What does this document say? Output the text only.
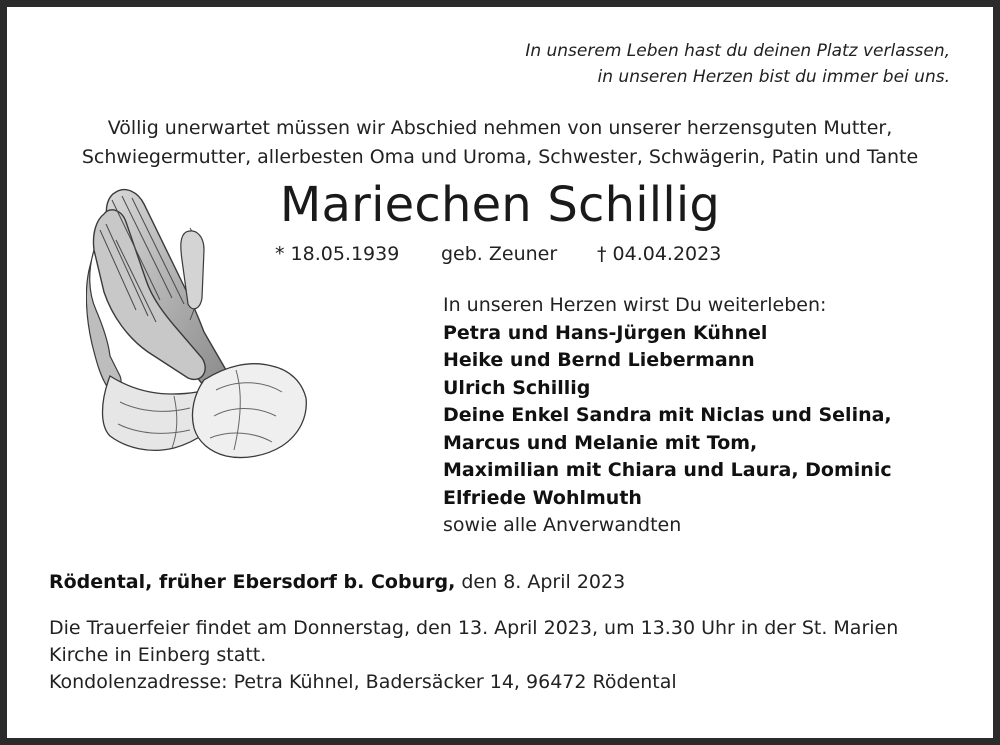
In unserem Leben hast du deinen Platz verlassen,
in unseren Herzen bist du immer bei uns.
Völlig unerwartet müssen wir Abschied nehmen von unserer herzensguten Mutter,
Schwiegermutter, allerbesten Oma und Uroma, Schwester, Schwägerin, Patin und Tante
Mariechen Schillig
* 18.05.1939 geb. Zeuner † 04.04.2023
In unseren Herzen wirst Du weiterleben:
Petra und Hans-Jürgen Kühnel
Heike und Bernd Liebermann
Ulrich Schillig
Deine Enkel Sandra mit Niclas und Selina,
Marcus und Melanie mit Tom,
Maximilian mit Chiara und Laura, Dominic
Elfriede Wohlmuth
sowie alle Anverwandten
Rödental, früher Ebersdorf b. Coburg, den 8. April 2023
Die Trauerfeier findet am Donnerstag, den 13. April 2023, um 13.30 Uhr in der St. Marien
Kirche in Einberg statt.
Kondolenzadresse: Petra Kühnel, Badersäcker 14, 96472 Rödental
